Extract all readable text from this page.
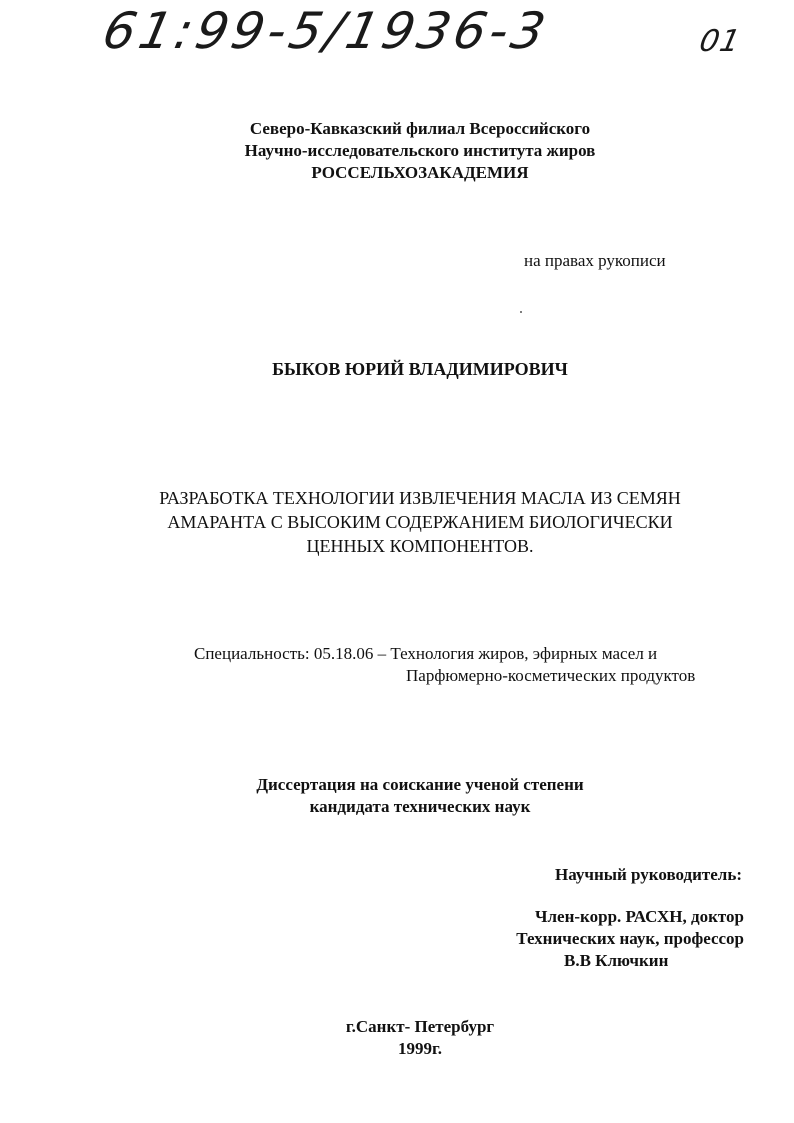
61:99-5/1936-3	01
Северо-Кавказский филиал Всероссийского
Научно-исследовательского института жиров
РОССЕЛЬХОЗАКАДЕМИЯ
на правах рукописи
БЫКОВ ЮРИЙ ВЛАДИМИРОВИЧ
РАЗРАБОТКА ТЕХНОЛОГИИ ИЗВЛЕЧЕНИЯ МАСЛА ИЗ СЕМЯН
АМАРАНТА С ВЫСОКИМ СОДЕРЖАНИЕМ БИОЛОГИЧЕСКИ
ЦЕННЫХ КОМПОНЕНТОВ.
Специальность: 05.18.06 – Технология жиров, эфирных масел и
Парфюмерно-косметических продуктов
Диссертация на соискание ученой степени
кандидата технических наук
Научный руководитель:
Член-корр. РАСХН, доктор
Технических наук, профессор
В.В Ключкин
г.Санкт- Петербург
1999г.
